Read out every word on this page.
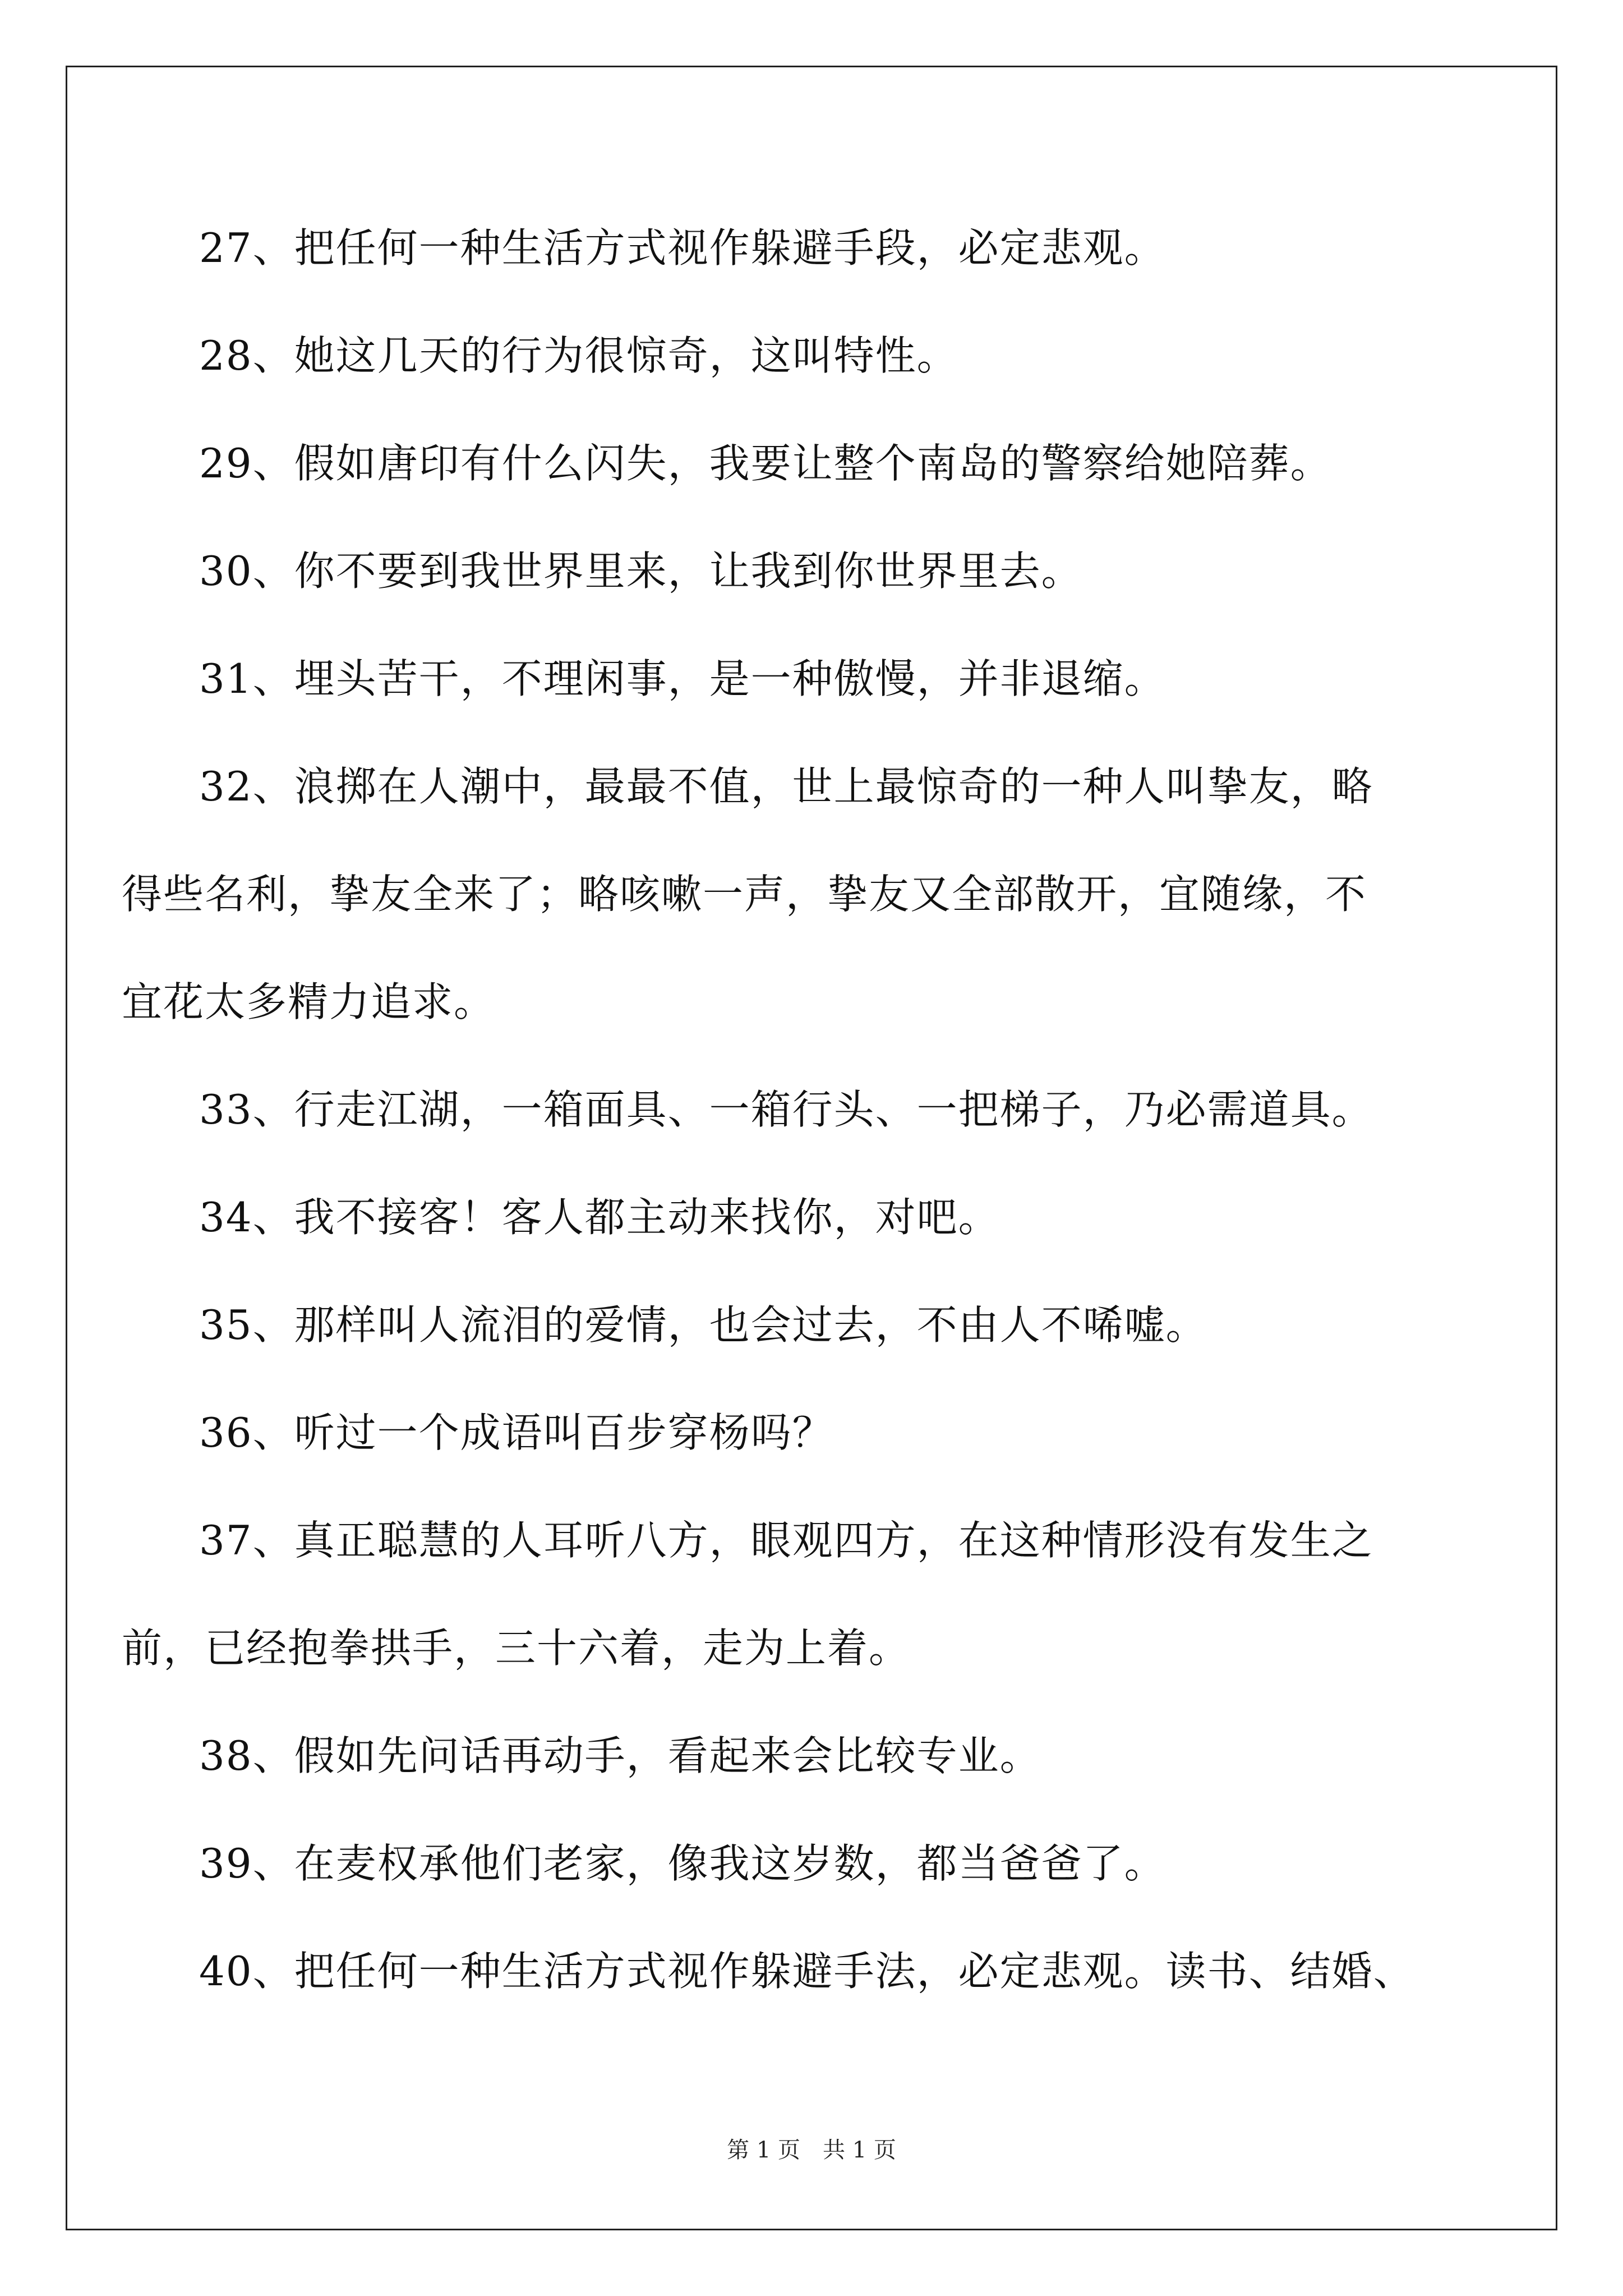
27、把任何一种生活方式视作躲避手段，必定悲观。
28、她这几天的行为很惊奇，这叫特性。
29、假如唐印有什么闪失，我要让整个南岛的警察给她陪葬。
30、你不要到我世界里来，让我到你世界里去。
31、埋头苦干，不理闲事，是一种傲慢，并非退缩。
32、浪掷在人潮中，最最不值，世上最惊奇的一种人叫挚友，略
得些名利，挚友全来了；略咳嗽一声，挚友又全部散开，宜随缘，不
宜花太多精力追求。
33、行走江湖，一箱面具、一箱行头、一把梯子，乃必需道具。
34、我不接客！客人都主动来找你，对吧。
35、那样叫人流泪的爱情，也会过去，不由人不唏嘘。
36、听过一个成语叫百步穿杨吗？
37、真正聪慧的人耳听八方，眼观四方，在这种情形没有发生之
前，已经抱拳拱手，三十六着，走为上着。
38、假如先问话再动手，看起来会比较专业。
39、在麦权承他们老家，像我这岁数，都当爸爸了。
40、把任何一种生活方式视作躲避手法，必定悲观。读书、结婚、
第 1 页　共 1 页
